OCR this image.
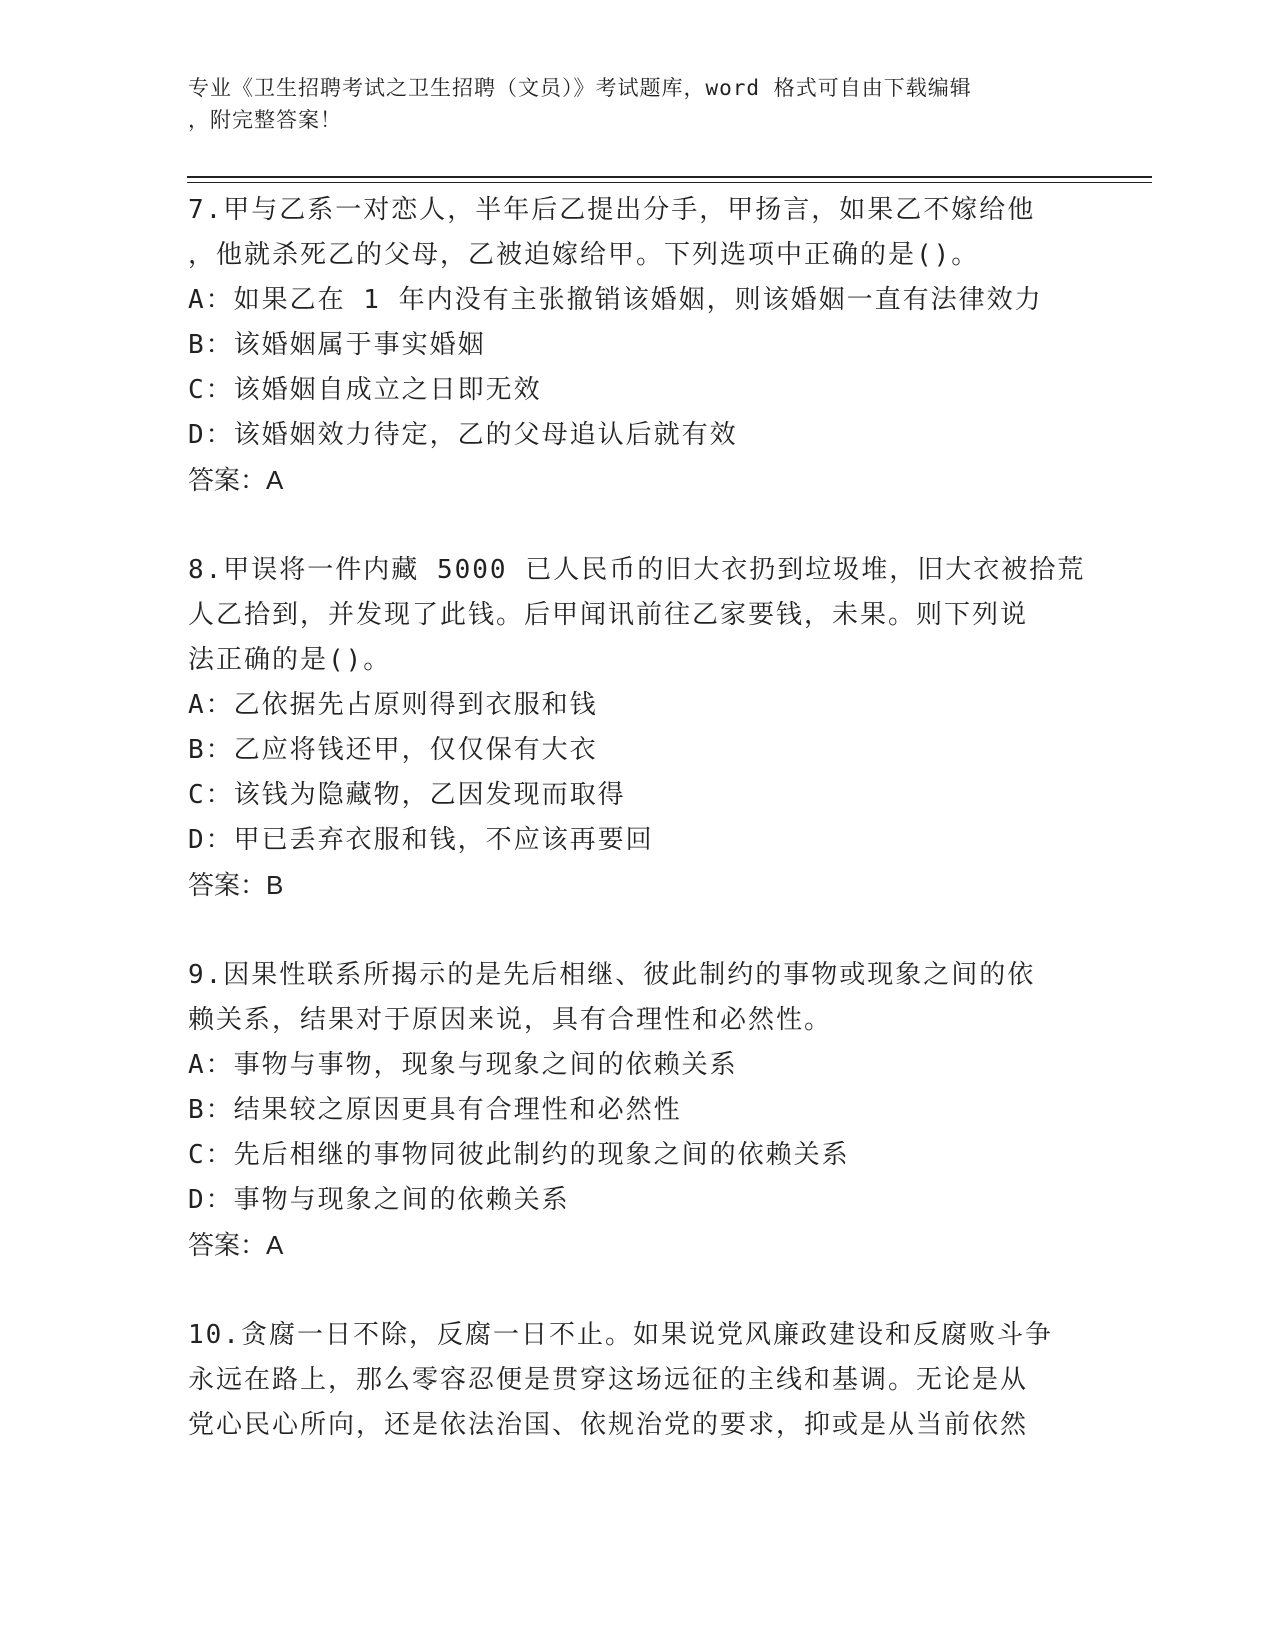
专业《卫生招聘考试之卫生招聘（文员）》考试题库，word 格式可自由下载编辑
，附完整答案！
7.甲与乙系一对恋人，半年后乙提出分手，甲扬言，如果乙不嫁给他
，他就杀死乙的父母，乙被迫嫁给甲。下列选项中正确的是()。
A：如果乙在 1 年内没有主张撤销该婚姻，则该婚姻一直有法律效力
B：该婚姻属于事实婚姻
C：该婚姻自成立之日即无效
D：该婚姻效力待定，乙的父母追认后就有效
答案：A
8.甲误将一件内藏 5000 已人民币的旧大衣扔到垃圾堆，旧大衣被拾荒
人乙拾到，并发现了此钱。后甲闻讯前往乙家要钱，未果。则下列说
法正确的是()。
A：乙依据先占原则得到衣服和钱
B：乙应将钱还甲，仅仅保有大衣
C：该钱为隐藏物，乙因发现而取得
D：甲已丢弃衣服和钱，不应该再要回
答案：B
9.因果性联系所揭示的是先后相继、彼此制约的事物或现象之间的依
赖关系，结果对于原因来说，具有合理性和必然性。
A：事物与事物，现象与现象之间的依赖关系
B：结果较之原因更具有合理性和必然性
C：先后相继的事物同彼此制约的现象之间的依赖关系
D：事物与现象之间的依赖关系
答案：A
10.贪腐一日不除，反腐一日不止。如果说党风廉政建设和反腐败斗争
永远在路上，那么零容忍便是贯穿这场远征的主线和基调。无论是从
党心民心所向，还是依法治国、依规治党的要求，抑或是从当前依然
